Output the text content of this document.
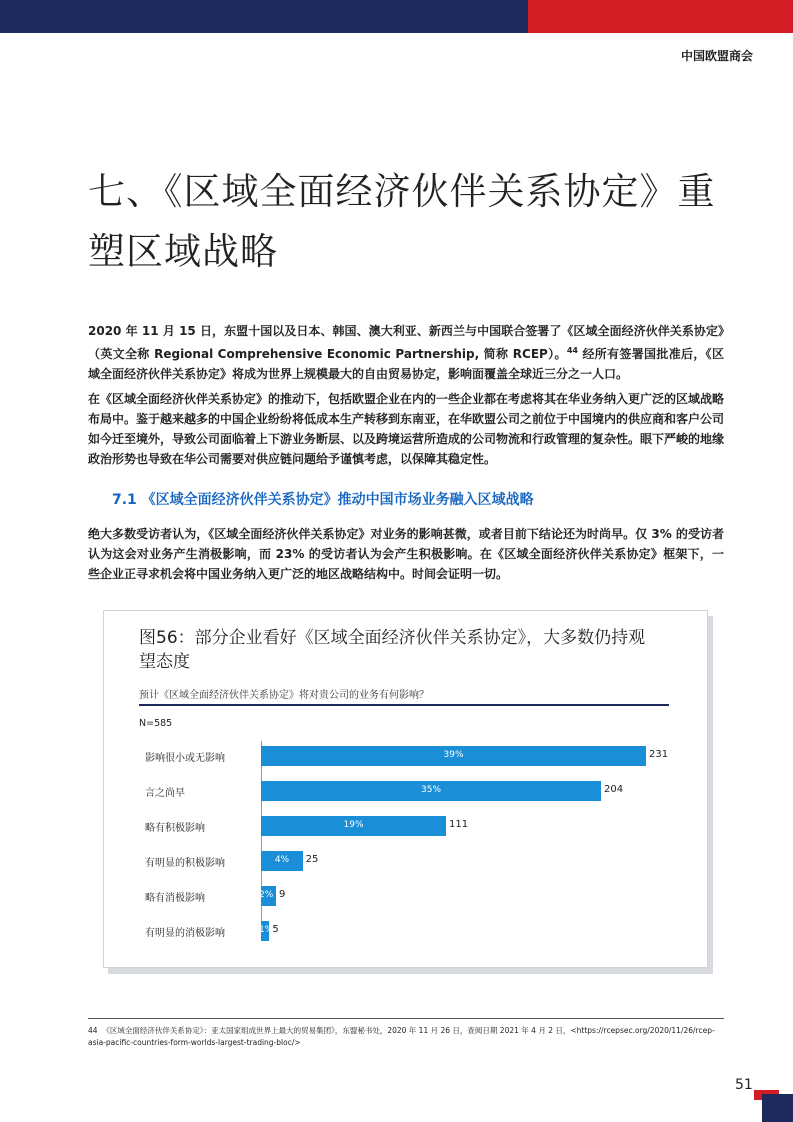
中国欧盟商会
七、《区域全面经济伙伴关系协定》重塑区域战略

2020 年 11 月 15 日，东盟十国以及日本、韩国、澳大利亚、新西兰与中国联合签署了《区域全面经济伙伴关系协定》（英文全称 Regional Comprehensive Economic Partnership, 简称 RCEP）。$^{44}$ 经所有签署国批准后，《区域全面经济伙伴关系协定》将成为世界上规模最大的自由贸易协定，影响面覆盖全球近三分之一人口。

在《区域全面经济伙伴关系协定》的推动下，包括欧盟企业在内的一些企业都在考虑将其在华业务纳入更广泛的区域战略布局中。鉴于越来越多的中国企业纷纷将低成本生产转移到东南亚，在华欧盟公司之前位于中国境内的供应商和客户公司如今迁至境外，导致公司面临着上下游业务断层、以及跨境运营所造成的公司物流和行政管理的复杂性。眼下严峻的地缘政治形势也导致在华公司需要对供应链问题给予谨慎考虑，以保障其稳定性。

7.1 《区域全面经济伙伴关系协定》推动中国市场业务融入区域战略

绝大多数受访者认为，《区域全面经济伙伴关系协定》对业务的影响甚微，或者目前下结论还为时尚早。仅 3% 的受访者认为这会对业务产生消极影响，而 23% 的受访者认为会产生积极影响。在《区域全面经济伙伴关系协定》框架下，一些企业正寻求机会将中国业务纳入更广泛的地区战略结构中。时间会证明一切。

图56：部分企业看好《区域全面经济伙伴关系协定》，大多数仍持观望态度
预计《区域全面经济伙伴关系协定》将对贵公司的业务有何影响？
N=585
影响很小或无影响	39%	231
言之尚早	35%	204
略有积极影响	19%	111
有明显的积极影响	4% 25
略有消极影响	2% 9
有明显的消极影响	1% 5

44 《区域全面经济伙伴关系协定》：亚太国家组成世界上最大的贸易集团》，东盟秘书处，2020 年 11 月 26 日，查阅日期 2021 年 4 月 2 日，<https://rcepsec.org/2020/11/26/rcep-asia-pacific-countries-form-worlds-largest-trading-bloc/>

51
